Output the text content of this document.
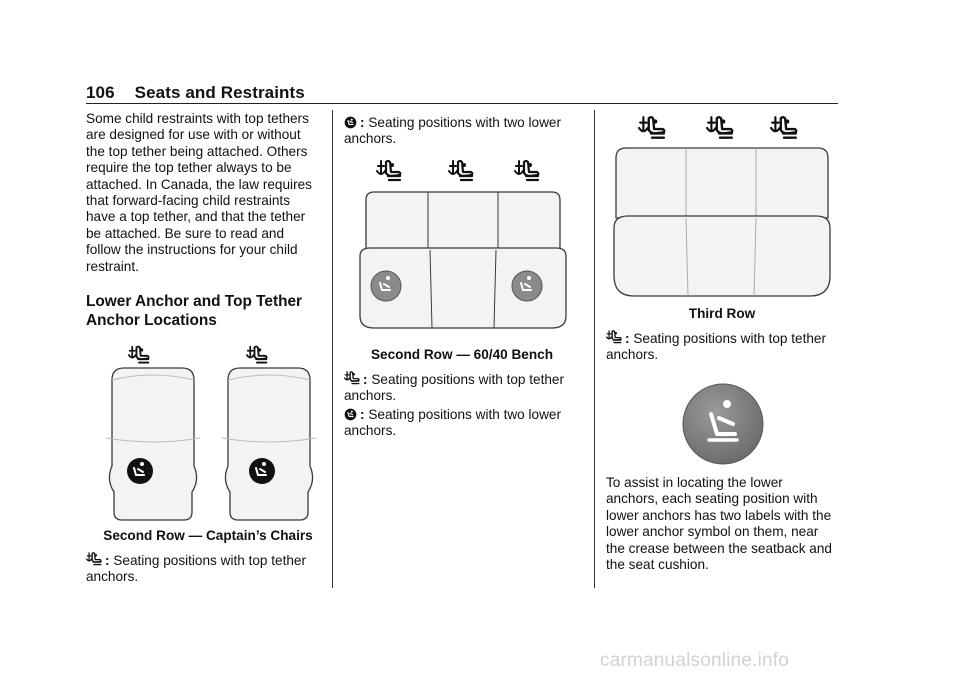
106 Seats and Restraints
Some child restraints with top tethers are designed for use with or without the top tether being attached. Others require the top tether always to be attached. In Canada, the law requires that forward-facing child restraints have a top tether, and that the tether be attached. Be sure to read and follow the instructions for your child restraint.
Lower Anchor and Top Tether Anchor Locations
Second Row — Captain’s Chairs
: Seating positions with top tether anchors.
: Seating positions with two lower anchors.
Second Row — 60/40 Bench
: Seating positions with top tether anchors.
: Seating positions with two lower anchors.
Third Row
: Seating positions with top tether anchors.
To assist in locating the lower anchors, each seating position with lower anchors has two labels with the lower anchor symbol on them, near the crease between the seatback and the seat cushion.
carmanualsonline.info
